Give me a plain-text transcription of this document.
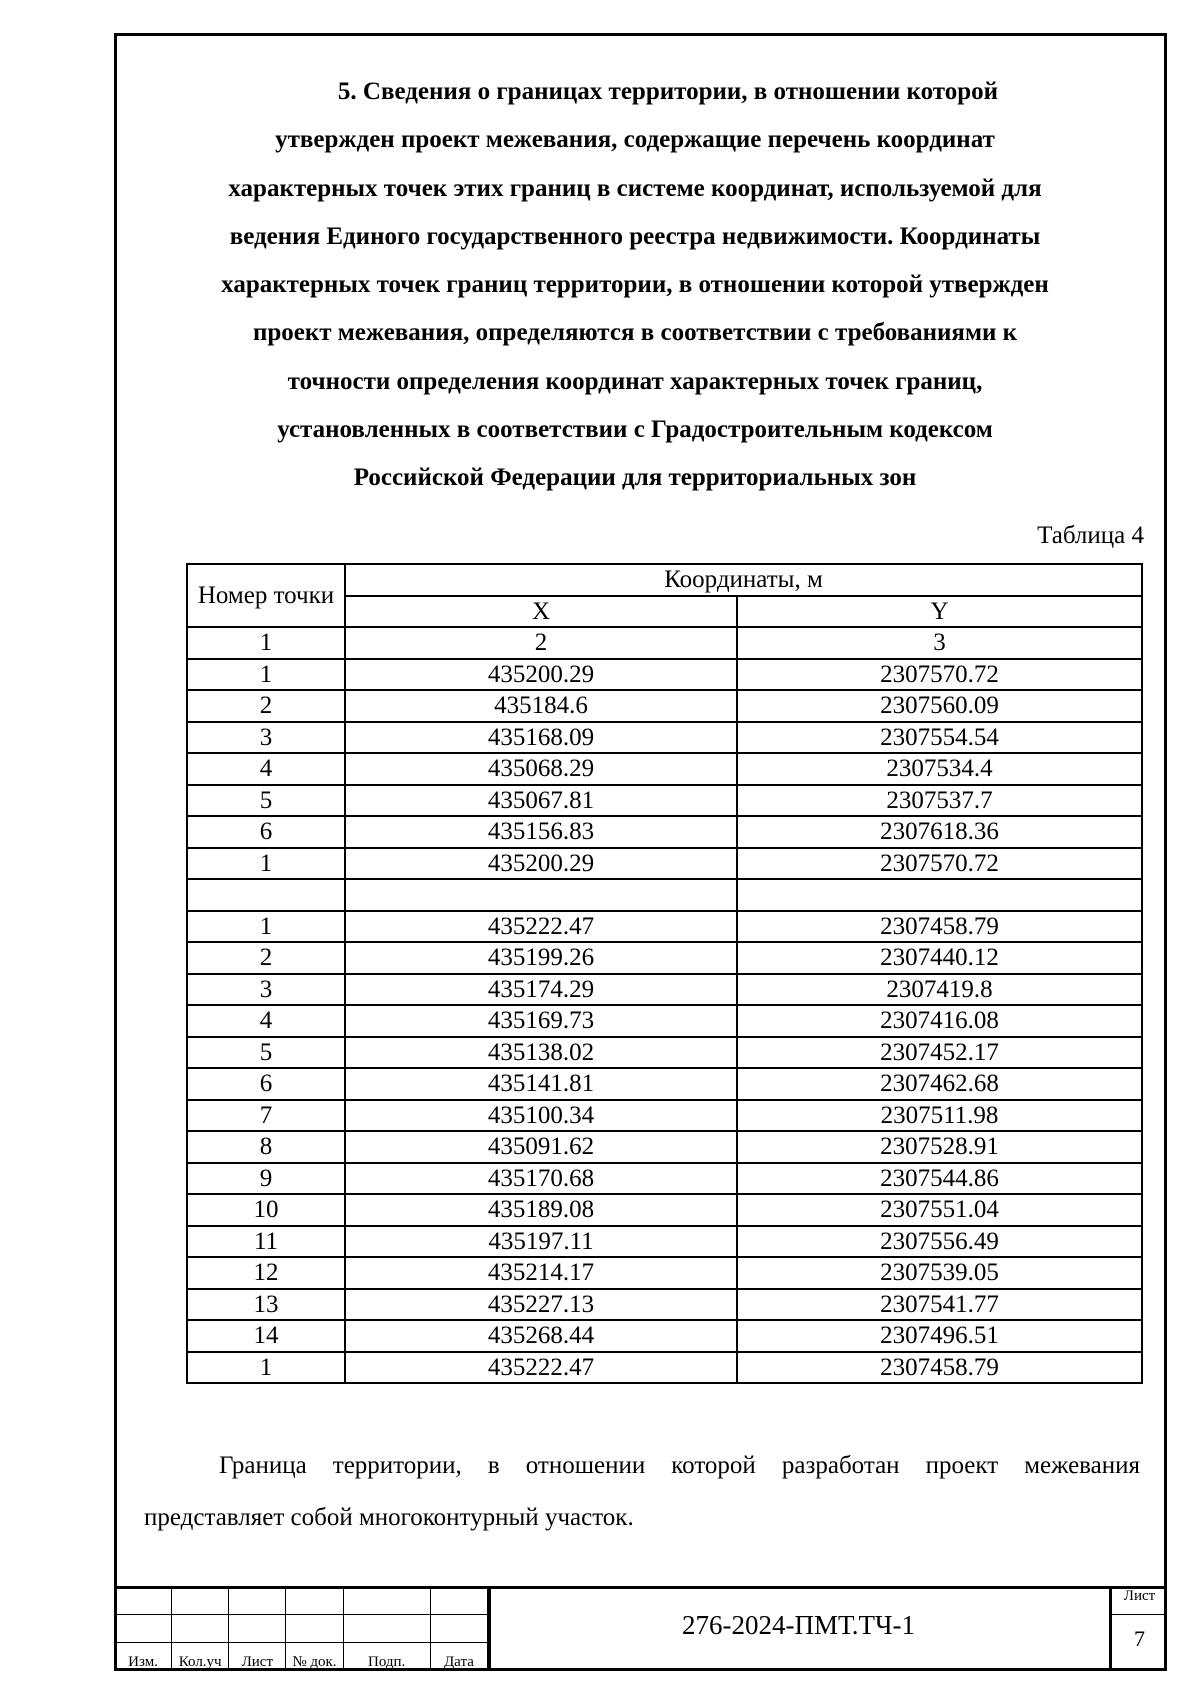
5. Сведения о границах территории, в отношении которой
утвержден проект межевания, содержащие перечень координат
характерных точек этих границ в системе координат, используемой для
ведения Единого государственного реестра недвижимости. Координаты
характерных точек границ территории, в отношении которой утвержден
проект межевания, определяются в соответствии с требованиями к
точности определения координат характерных точек границ,
установленных в соответствии с Градостроительным кодексом
Российской Федерации для территориальных зон
Таблица 4
Номер точки	Координаты, м	
	X	Y
1	2	3
1	435200.29	2307570.72
2	435184.6	2307560.09
3	435168.09	2307554.54
4	435068.29	2307534.4
5	435067.81	2307537.7
6	435156.83	2307618.36
1	435200.29	2307570.72

1	435222.47	2307458.79
2	435199.26	2307440.12
3	435174.29	2307419.8
4	435169.73	2307416.08
5	435138.02	2307452.17
6	435141.81	2307462.68
7	435100.34	2307511.98
8	435091.62	2307528.91
9	435170.68	2307544.86
10	435189.08	2307551.04
11	435197.11	2307556.49
12	435214.17	2307539.05
13	435227.13	2307541.77
14	435268.44	2307496.51
1	435222.47	2307458.79

Граница территории, в отношении которой разработан проект межевания
представляет собой многоконтурный участок.

Изм.	Кол.уч	Лист	№ док.	Подп.	Дата
276-2024-ПМТ.ТЧ-1
Лист
7
